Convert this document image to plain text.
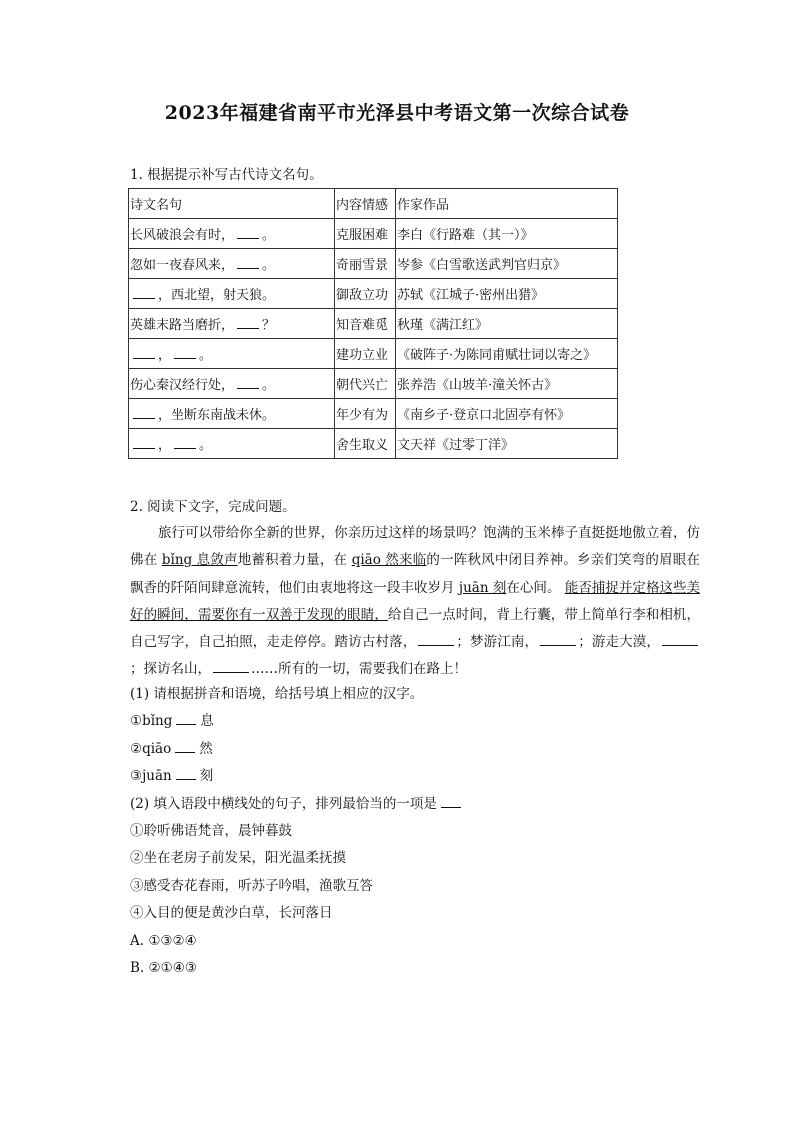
2023年福建省南平市光泽县中考语文第一次综合试卷
1. 根据提示补写古代诗文名句。
诗文名句	内容情感	作家作品
长风破浪会有时， 。	克服困难	李白《行路难（其一）》
忽如一夜春风来， 。	奇丽雪景	岑参《白雪歌送武判官归京》
，西北望，射天狼。	御敌立功	苏轼《江城子·密州出猎》
英雄末路当磨折， ？	知音难觅	秋瑾《满江红》
， 。	建功立业	《破阵子·为陈同甫赋壮词以寄之》
伤心秦汉经行处， 。	朝代兴亡	张养浩《山坡羊·潼关怀古》
，坐断东南战未休。	年少有为	《南乡子·登京口北固亭有怀》
， 。	舍生取义	文天祥《过零丁洋》
2. 阅读下文字，完成问题。
旅行可以带给你全新的世界，你亲历过这样的场景吗？饱满的玉米棒子直挺挺地傲立着，仿佛在 bǐng 息敛声地蓄积着力量，在 qiāo 然来临的一阵秋风中闭目养神。乡亲们笑弯的眉眼在飘香的阡陌间肆意流转，他们由衷地将这一段丰收岁月 juān 刻在心间。 能否捕捉并定格这些美好的瞬间，需要你有一双善于发现的眼睛，给自己一点时间，背上行囊，带上简单行李和相机，自己写字，自己拍照，走走停停。踏访古村落，	；梦游江南，	；游走大漠，；探访名山，	……所有的一切，需要我们在路上！
(1) 请根据拼音和语境，给括号填上相应的汉字。
①bǐng 息
②qiāo 然
③juān 刻
(2) 填入语段中横线处的句子，排列最恰当的一项是
①聆听佛语梵音，晨钟暮鼓
②坐在老房子前发呆，阳光温柔抚摸
③感受杏花春雨，听苏子吟唱，渔歌互答
④入目的便是黄沙白草，长河落日
A. ①③②④
B. ②①④③
